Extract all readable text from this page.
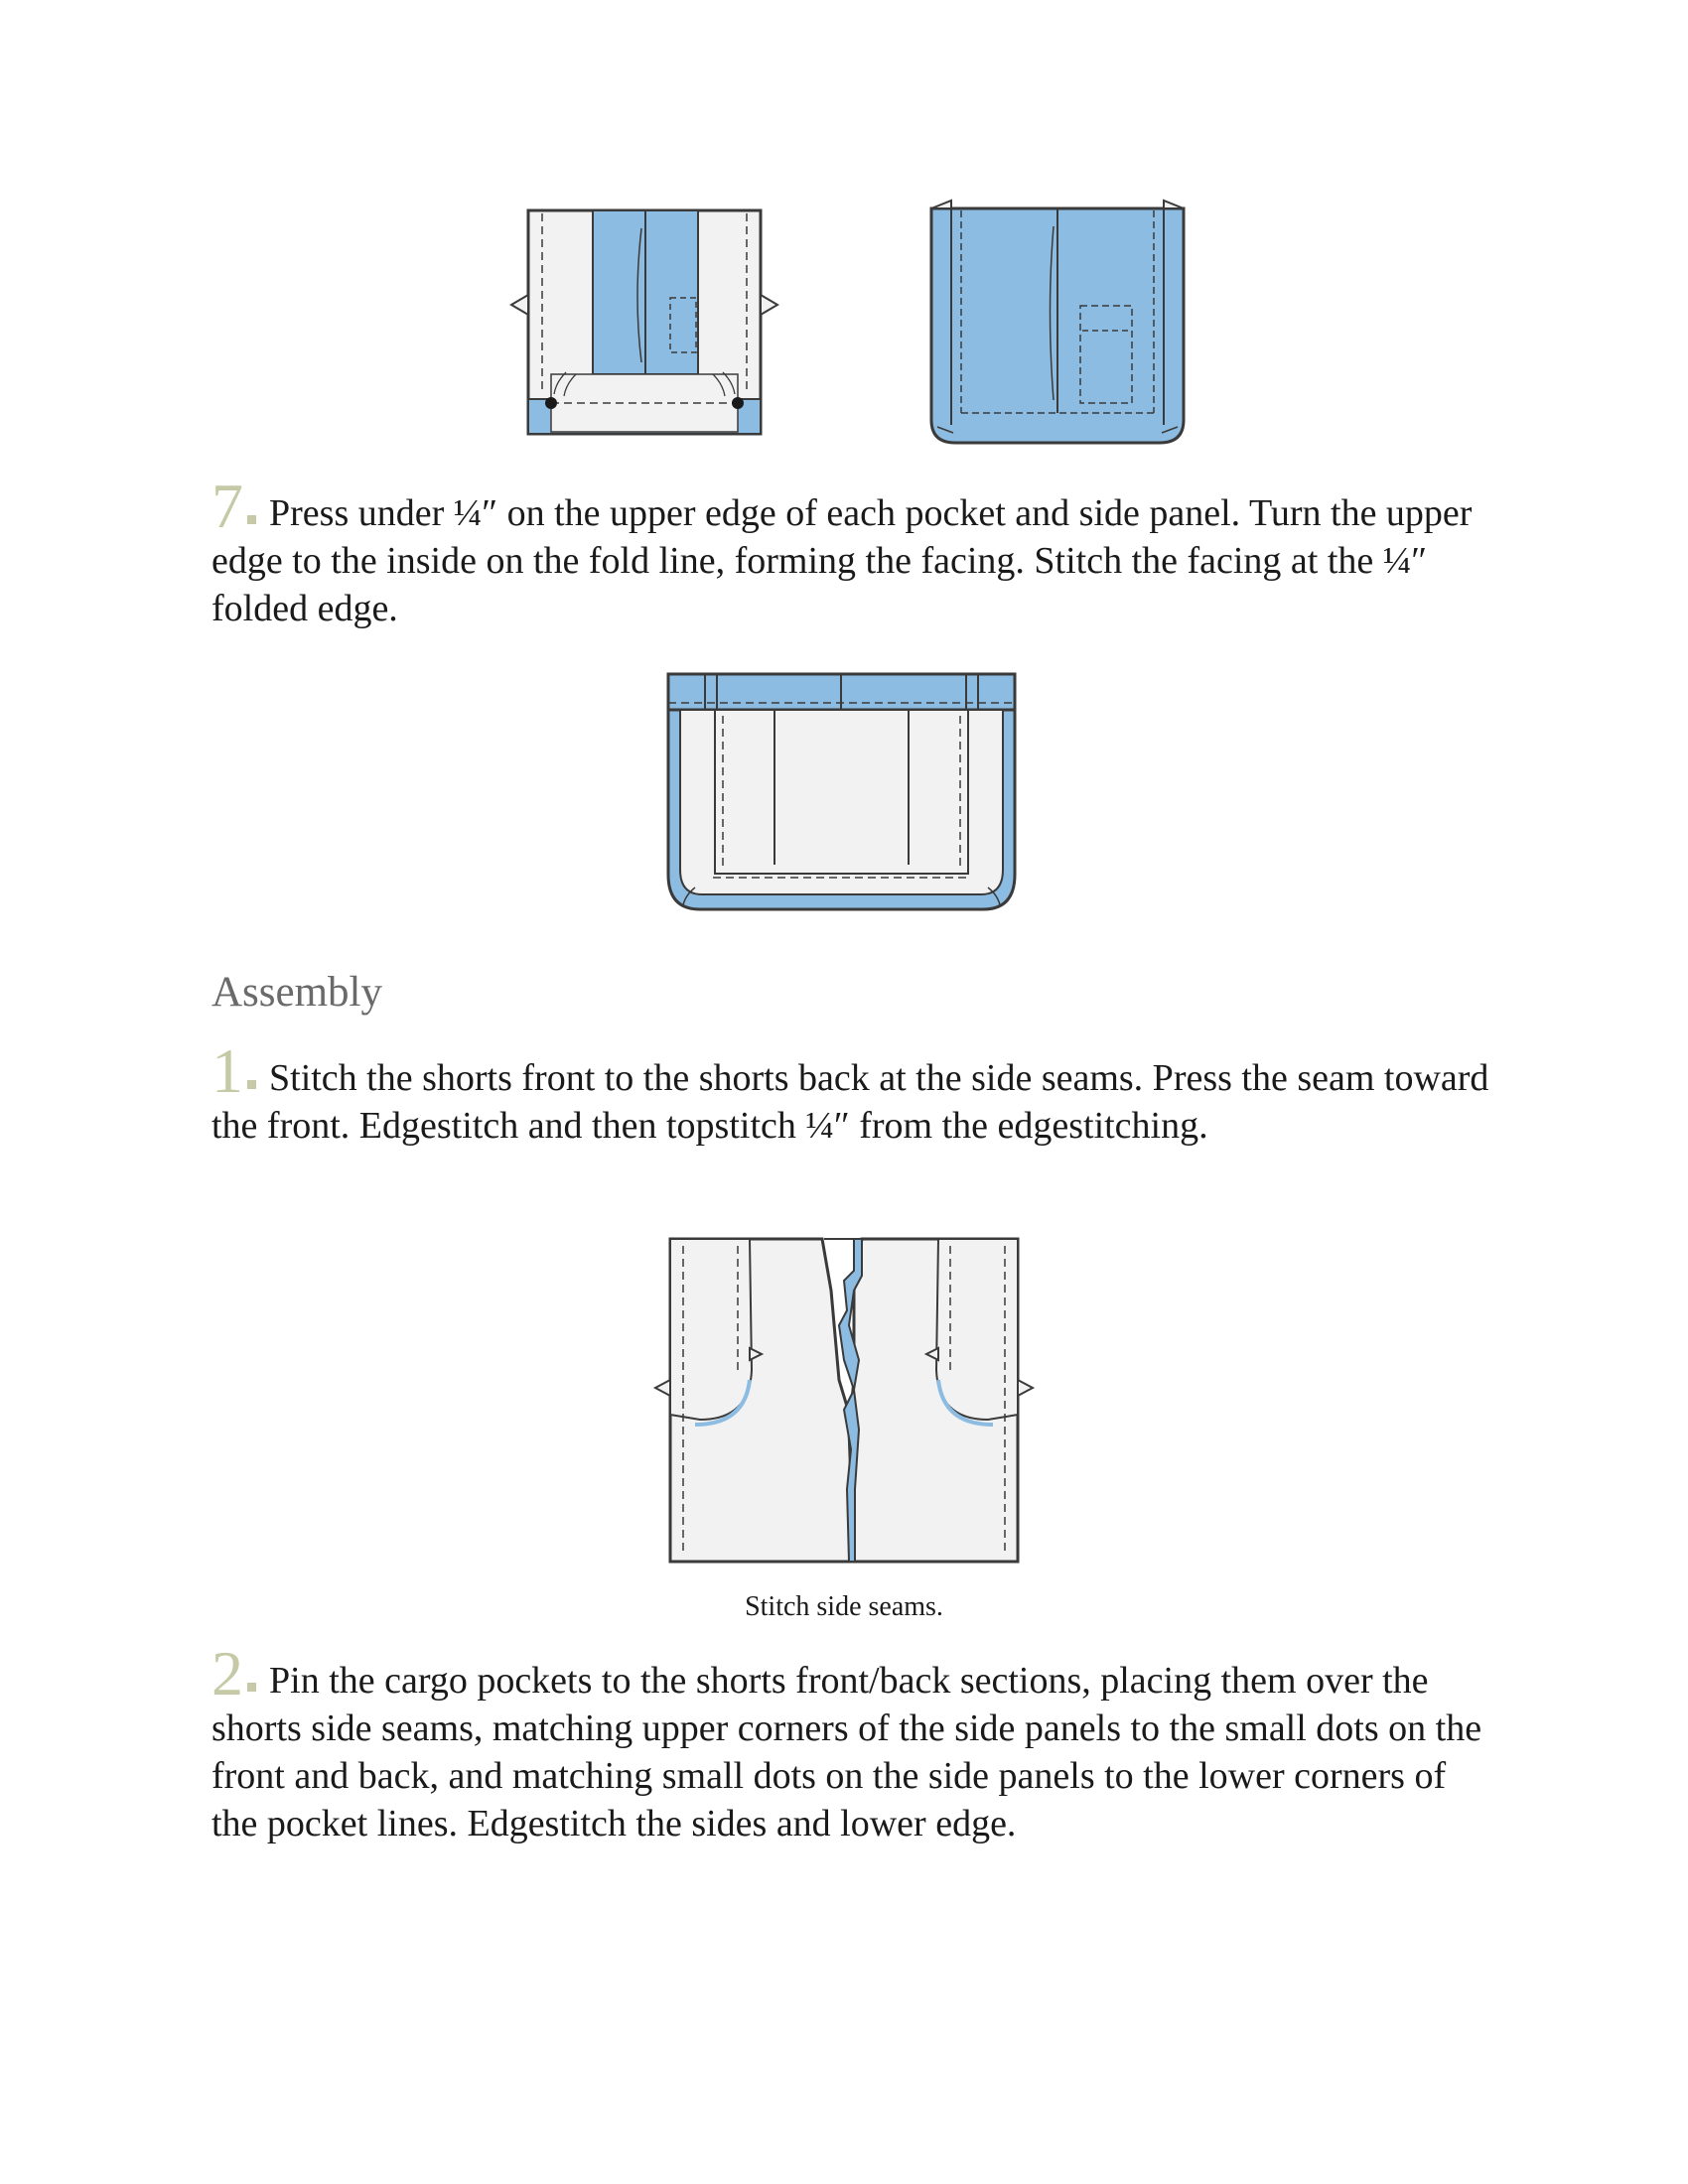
7 Press under ¼″ on the upper edge of each pocket and side panel. Turn the upper edge to the inside on the fold line, forming the facing. Stitch the facing at the ¼″ folded edge.

Assembly

1 Stitch the shorts front to the shorts back at the side seams. Press the seam toward the front. Edgestitch and then topstitch ¼″ from the edgestitching.

Stitch side seams.

2 Pin the cargo pockets to the shorts front/back sections, placing them over the shorts side seams, matching upper corners of the side panels to the small dots on the front and back, and matching small dots on the side panels to the lower corners of the pocket lines. Edgestitch the sides and lower edge.
